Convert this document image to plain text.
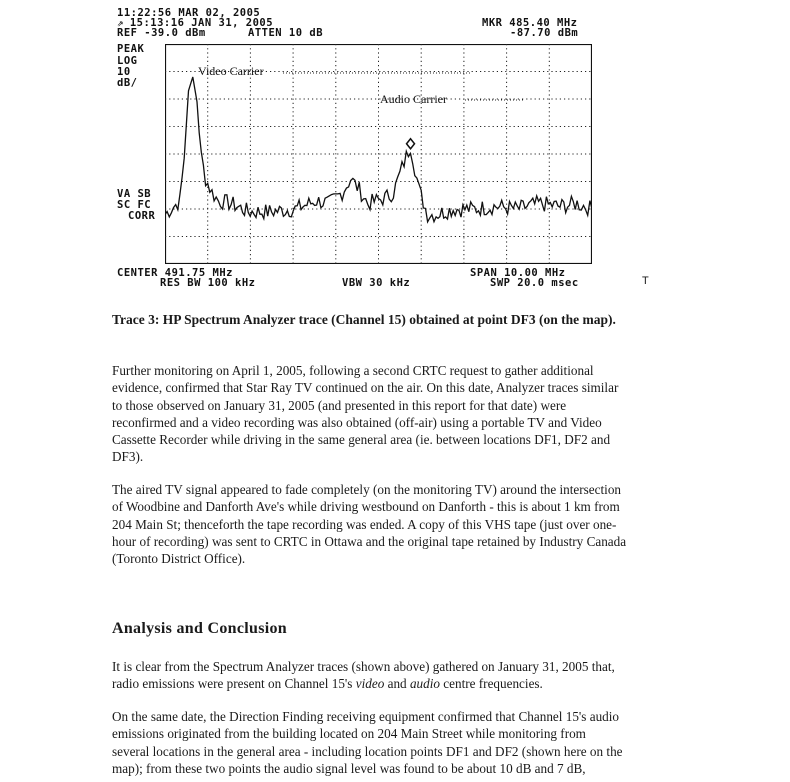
11:22:56 MAR 02, 2005
⇗ 15:13:16 JAN 31, 2005
REF -39.0 dBm	ATTEN 10 dB
MKR 485.40 MHz
-87.70 dBm
PEAK
LOG
10
dB/
VA SB
SC FC
CORR
CENTER 491.75 MHz
RES BW 100 kHz	VBW 30 kHz
SPAN 10.00 MHz
SWP 20.0 msec	T
Video Carrier
Audio Carrier
Trace 3: HP Spectrum Analyzer trace (Channel 15) obtained at point DF3 (on the map).
Further monitoring on April 1, 2005, following a second CRTC request to gather additional
evidence, confirmed that Star Ray TV continued on the air. On this date, Analyzer traces similar
to those observed on January 31, 2005 (and presented in this report for that date) were
reconfirmed and a video recording was also obtained (off-air) using a portable TV and Video
Cassette Recorder while driving in the same general area (ie. between locations DF1, DF2 and
DF3).
The aired TV signal appeared to fade completely (on the monitoring TV) around the intersection
of Woodbine and Danforth Ave's while driving westbound on Danforth - this is about 1 km from
204 Main St; thenceforth the tape recording was ended. A copy of this VHS tape (just over one-
hour of recording) was sent to CRTC in Ottawa and the original tape retained by Industry Canada
(Toronto District Office).
Analysis and Conclusion
It is clear from the Spectrum Analyzer traces (shown above) gathered on January 31, 2005 that,
radio emissions were present on Channel 15's video and audio centre frequencies.
On the same date, the Direction Finding receiving equipment confirmed that Channel 15's audio
emissions originated from the building located on 204 Main Street while monitoring from
several locations in the general area - including location points DF1 and DF2 (shown here on the
map); from these two points the audio signal level was found to be about 10 dB and 7 dB,
